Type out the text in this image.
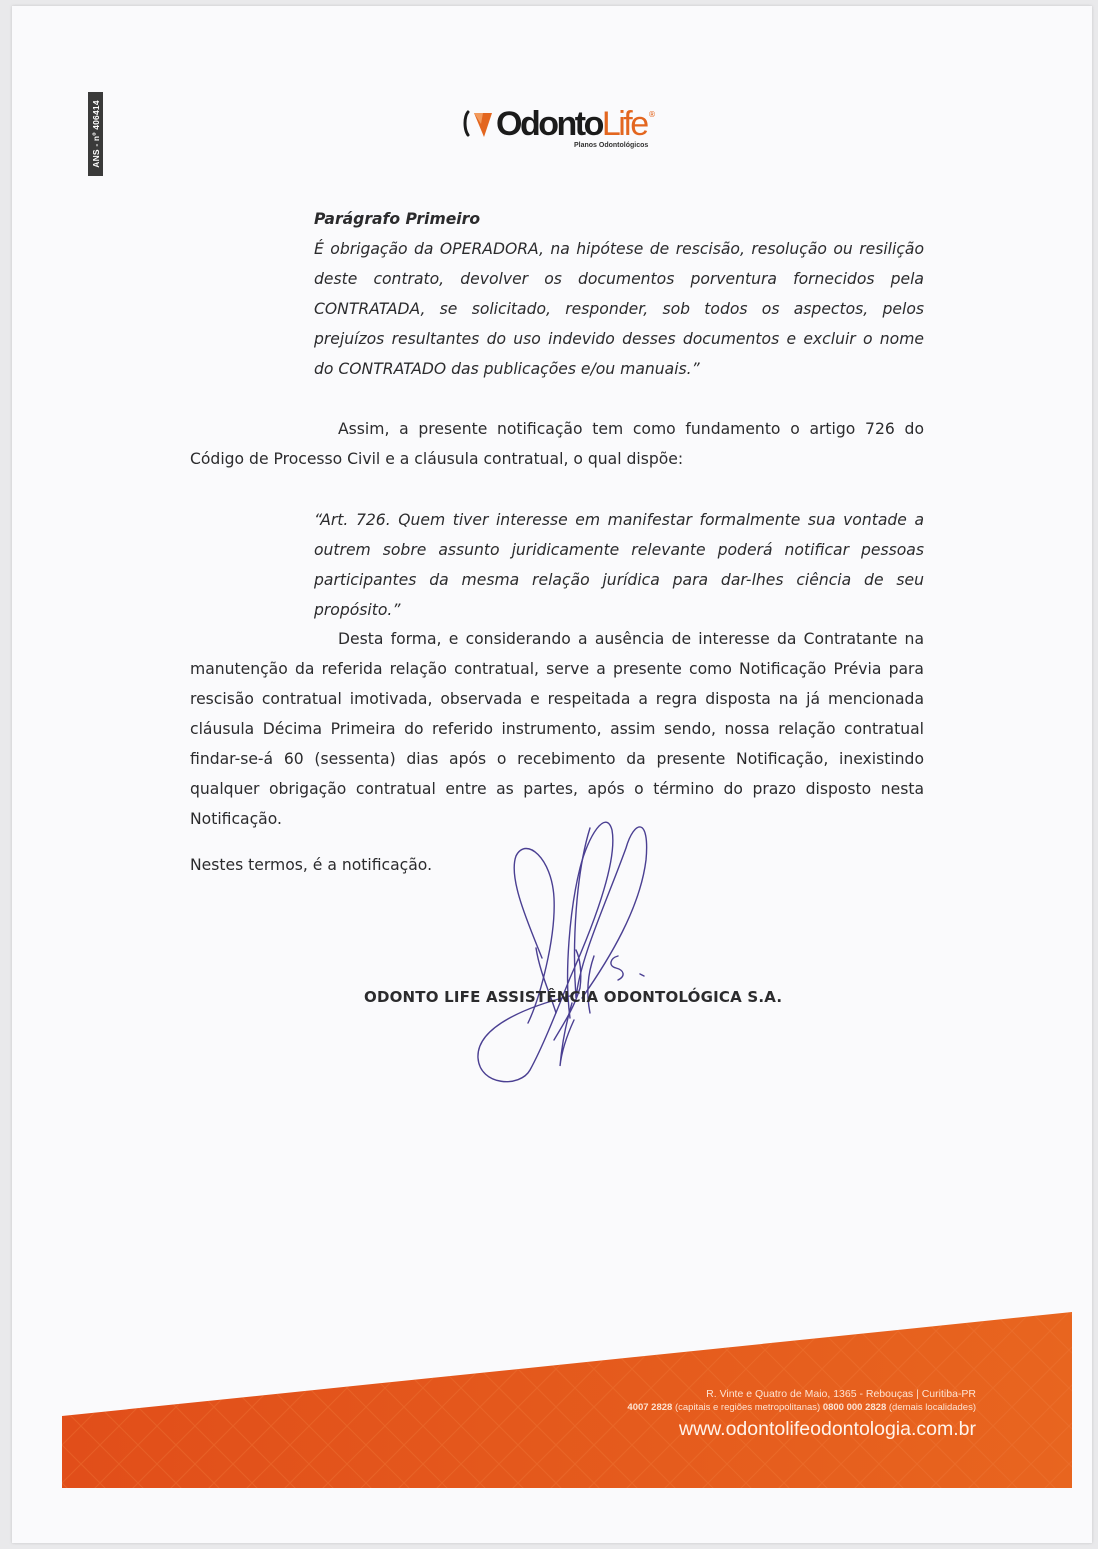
ANS - nº 406414	OdontoLife ®
Planos Odontológicos
Parágrafo Primeiro
É obrigação da OPERADORA, na hipótese de rescisão, resolução ou resilição deste contrato, devolver os documentos porventura fornecidos pela CONTRATADA, se solicitado, responder, sob todos os aspectos, pelos prejuízos resultantes do uso indevido desses documentos e excluir o nome do CONTRATADO das publicações e/ou manuais.”
Assim, a presente notificação tem como fundamento o artigo 726 do Código de Processo Civil e a cláusula contratual, o qual dispõe:
“Art. 726. Quem tiver interesse em manifestar formalmente sua vontade a outrem sobre assunto juridicamente relevante poderá notificar pessoas participantes da mesma relação jurídica para dar-lhes ciência de seu propósito.”
Desta forma, e considerando a ausência de interesse da Contratante na manutenção da referida relação contratual, serve a presente como Notificação Prévia para rescisão contratual imotivada, observada e respeitada a regra disposta na já mencionada cláusula Décima Primeira do referido instrumento, assim sendo, nossa relação contratual findar-se-á 60 (sessenta) dias após o recebimento da presente Notificação, inexistindo qualquer obrigação contratual entre as partes, após o término do prazo disposto nesta Notificação.
Nestes termos, é a notificação.
ODONTO LIFE ASSISTÊNCIA ODONTOLÓGICA S.A.
R. Vinte e Quatro de Maio, 1365 - Rebouças | Curitiba-PR
4007 2828 (capitais e regiões metropolitanas) 0800 000 2828 (demais localidades)
www.odontolifeodontologia.com.br
